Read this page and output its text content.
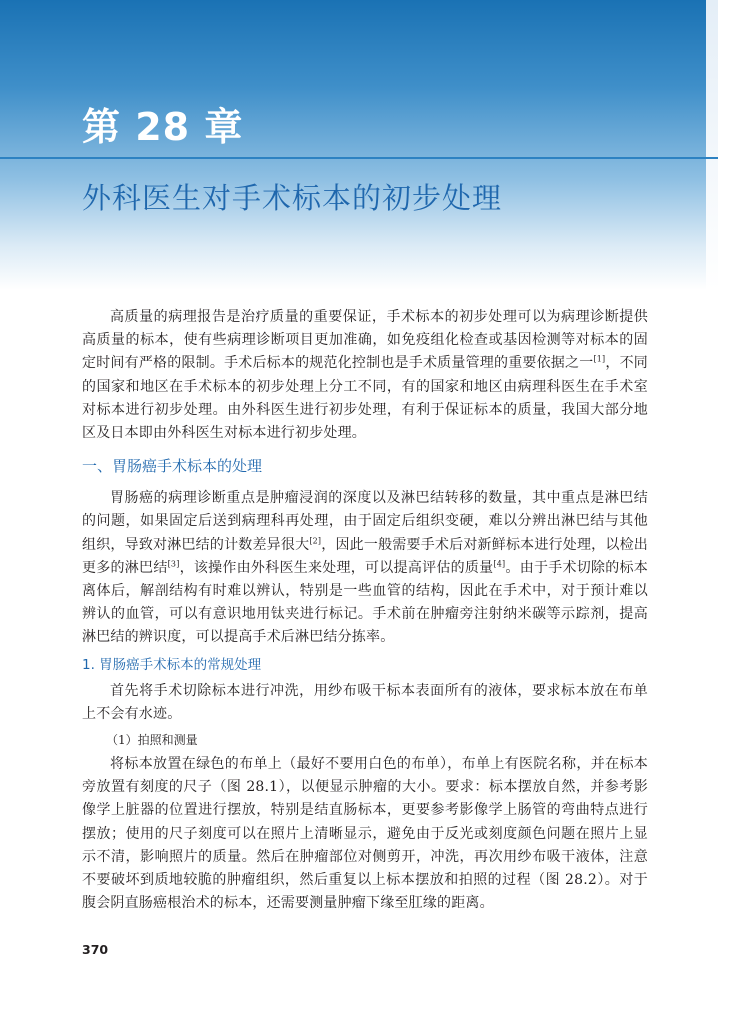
第 28 章
外科医生对手术标本的初步处理

高质量的病理报告是治疗质量的重要保证，手术标本的初步处理可以为病理诊断提供高质量的标本，使有些病理诊断项目更加准确，如免疫组化检查或基因检测等对标本的固定时间有严格的限制。手术后标本的规范化控制也是手术质量管理的重要依据之一[1]，不同的国家和地区在手术标本的初步处理上分工不同，有的国家和地区由病理科医生在手术室对标本进行初步处理。由外科医生进行初步处理，有利于保证标本的质量，我国大部分地区及日本即由外科医生对标本进行初步处理。

一、胃肠癌手术标本的处理

胃肠癌的病理诊断重点是肿瘤浸润的深度以及淋巴结转移的数量，其中重点是淋巴结的问题，如果固定后送到病理科再处理，由于固定后组织变硬，难以分辨出淋巴结与其他组织，导致对淋巴结的计数差异很大[2]，因此一般需要手术后对新鲜标本进行处理，以检出更多的淋巴结[3]，该操作由外科医生来处理，可以提高评估的质量[4]。由于手术切除的标本离体后，解剖结构有时难以辨认，特别是一些血管的结构，因此在手术中，对于预计难以辨认的血管，可以有意识地用钛夹进行标记。手术前在肿瘤旁注射纳米碳等示踪剂，提高淋巴结的辨识度，可以提高手术后淋巴结分拣率。

1. 胃肠癌手术标本的常规处理

首先将手术切除标本进行冲洗，用纱布吸干标本表面所有的液体，要求标本放在布单上不会有水迹。

（1）拍照和测量

将标本放置在绿色的布单上（最好不要用白色的布单），布单上有医院名称，并在标本旁放置有刻度的尺子（图 28.1），以便显示肿瘤的大小。要求：标本摆放自然，并参考影像学上脏器的位置进行摆放，特别是结直肠标本，更要参考影像学上肠管的弯曲特点进行摆放；使用的尺子刻度可以在照片上清晰显示，避免由于反光或刻度颜色问题在照片上显示不清，影响照片的质量。然后在肿瘤部位对侧剪开，冲洗，再次用纱布吸干液体，注意不要破坏到质地较脆的肿瘤组织，然后重复以上标本摆放和拍照的过程（图 28.2）。对于腹会阴直肠癌根治术的标本，还需要测量肿瘤下缘至肛缘的距离。

370
